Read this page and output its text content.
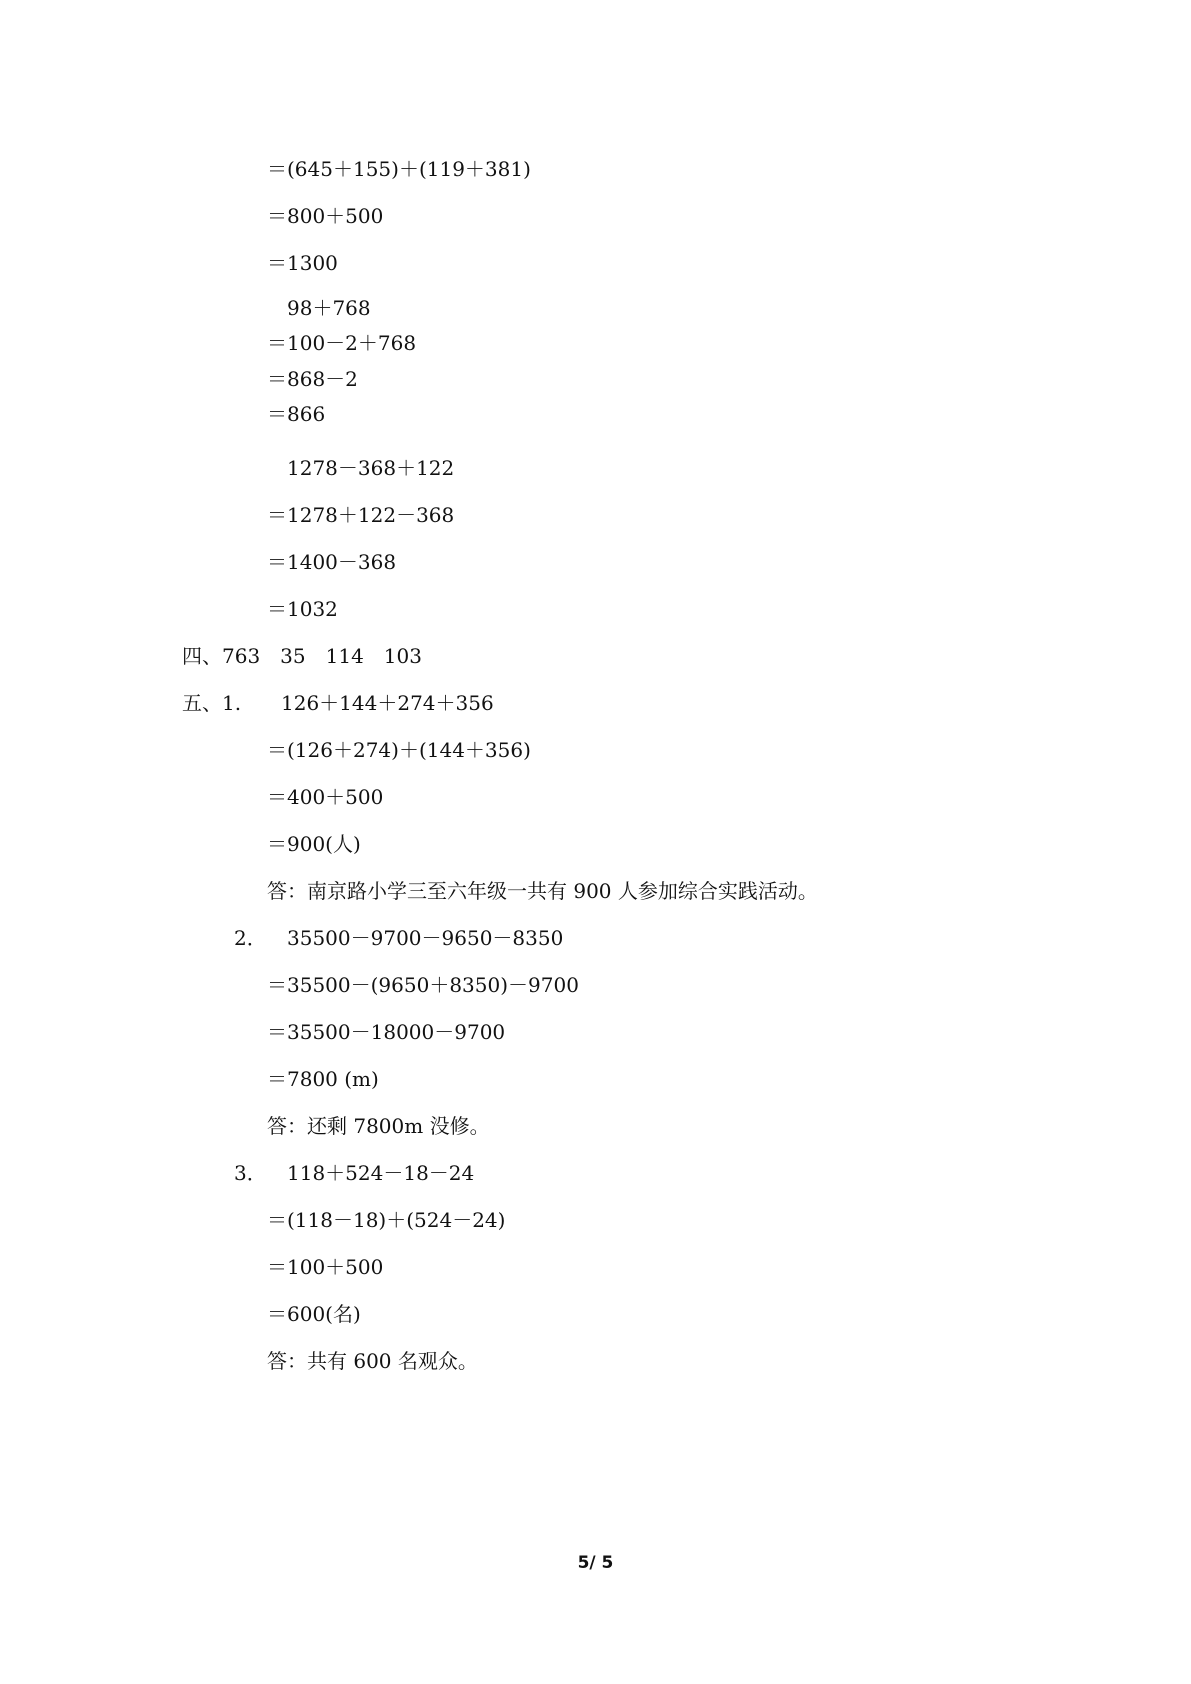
＝(645＋155)＋(119＋381)
＝800＋500
＝1300
98＋768
＝100－2＋768
＝868－2
＝866
1278－368＋122
＝1278＋122－368
＝1400－368
＝1032
四、763　35　114　103
五、1. 126＋144＋274＋356
＝(126＋274)＋(144＋356)
＝400＋500
＝900(人)
答：南京路小学三至六年级一共有 900 人参加综合实践活动。
2． 35500－9700－9650－8350
＝35500－(9650＋8350)－9700
＝35500－18000－9700
＝7800 (m)
答：还剩 7800m 没修。
3． 118＋524－18－24
＝(118－18)＋(524－24)
＝100＋500
＝600(名)
答：共有 600 名观众。
5/ 5
